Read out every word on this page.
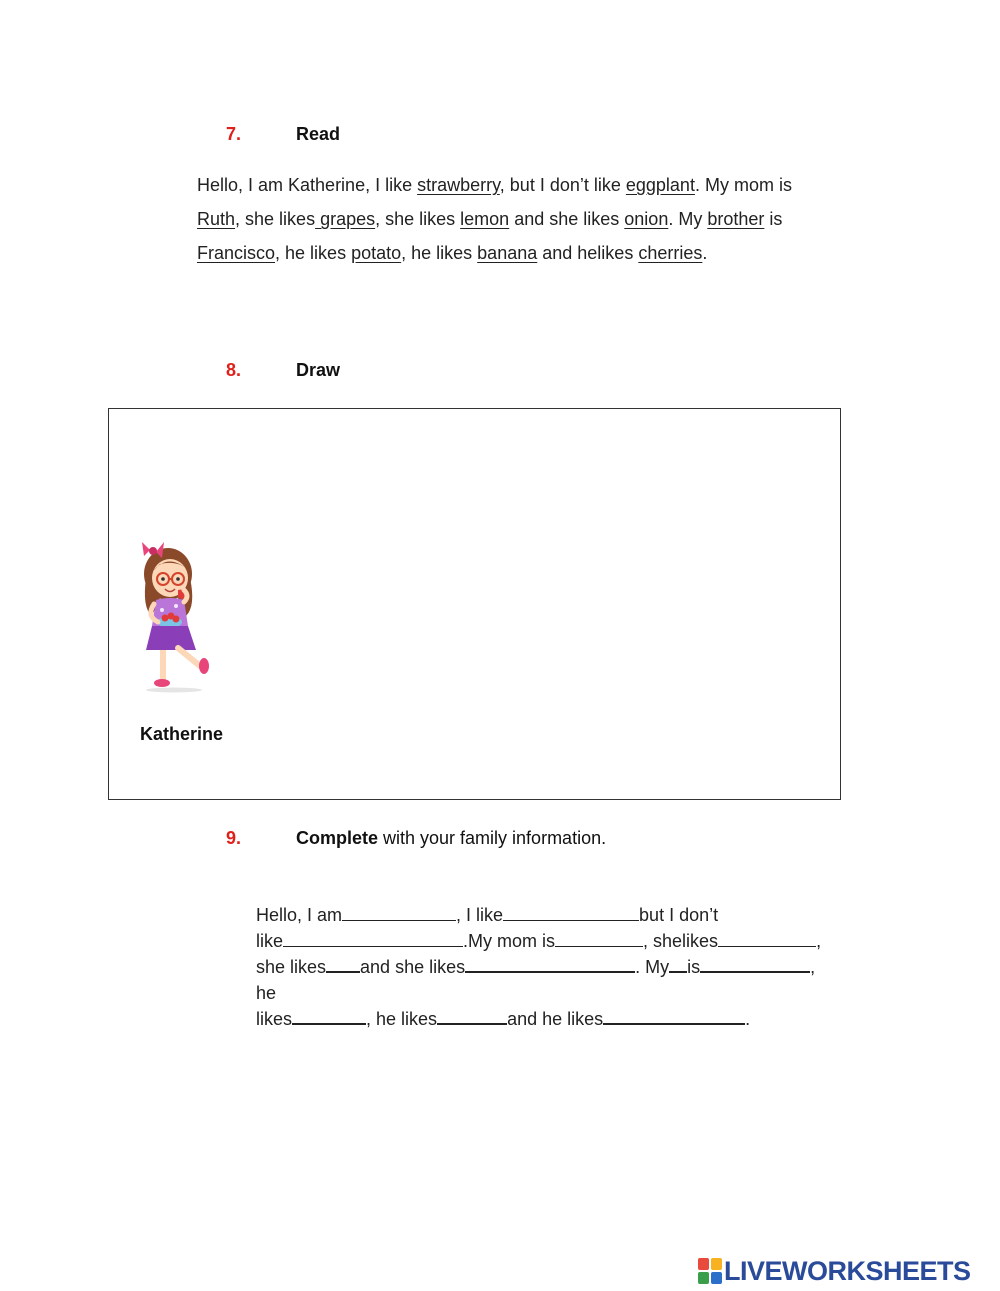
7.	Read
Hello, I am Katherine, I like strawberry, but I don’t like eggplant. My mom is Ruth, she likes grapes, she likes lemon and she likes onion. My brother is Francisco, he likes potato, he likes banana and helikes cherries.
8.	Draw
Katherine
9.	Complete with your family information.
Hello, I am	, I like	but I don’t
like	.My mom is	, shelikes	,
she likes and she likes	. My is	,
he
likes	, he likes	and he likes	.
LIVEWORKSHEETS
